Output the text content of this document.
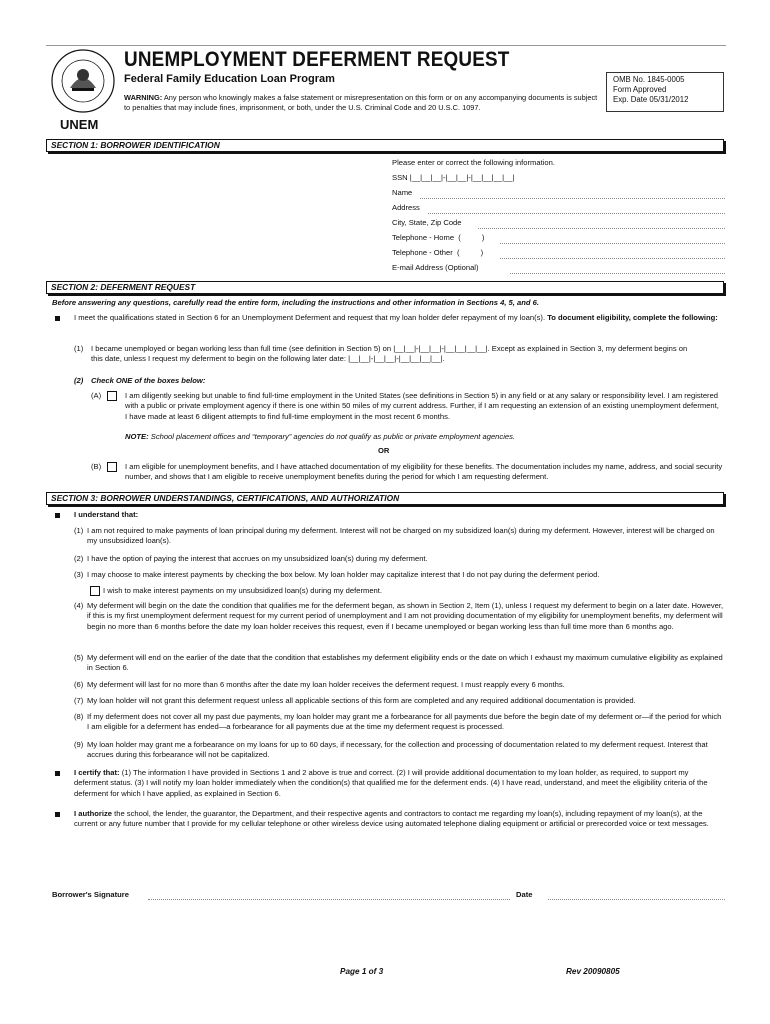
UNEMPLOYMENT DEFERMENT REQUEST
Federal Family Education Loan Program
WARNING: Any person who knowingly makes a false statement or misrepresentation on this form or on any accompanying documents is subject to penalties that may include fines, imprisonment, or both, under the U.S. Criminal Code and 20 U.S.C. 1097.
OMB No. 1845-0005
Form Approved
Exp. Date 05/31/2012
UNEM
SECTION 1: BORROWER IDENTIFICATION
Please enter or correct the following information.
SSN |__|__|__|-|__|__|-|__|__|__|__|
Name
Address
City, State, Zip Code
Telephone - Home  (          )
Telephone - Other  (          )
E-mail Address (Optional)
SECTION 2: DEFERMENT REQUEST
Before answering any questions, carefully read the entire form, including the instructions and other information in Sections 4, 5, and 6.
I meet the qualifications stated in Section 6 for an Unemployment Deferment and request that my loan holder defer repayment of my loan(s). To document eligibility, complete the following:
(1) I became unemployed or began working less than full time (see definition in Section 5) on |__|__|-|__|__|-|__|__|__|__|. Except as explained in Section 3, my deferment begins on this date, unless I request my deferment to begin on the following later date: |__|__|-|__|__|-|__|__|__|__|.
(2) Check ONE of the boxes below:
(A)	I am diligently seeking but unable to find full-time employment in the United States (see definitions in Section 5) in any field or at any salary or responsibility level. I am registered with a public or private employment agency if there is one within 50 miles of my current address. Further, if I am requesting an extension of an existing unemployment deferment, I have made at least 6 diligent attempts to find full-time employment in the most recent 6 months.
NOTE: School placement offices and “temporary” agencies do not qualify as public or private employment agencies.
OR
(B)	I am eligible for unemployment benefits, and I have attached documentation of my eligibility for these benefits. The documentation includes my name, address, and social security number, and shows that I am eligible to receive unemployment benefits during the period for which I am requesting deferment.
SECTION 3: BORROWER UNDERSTANDINGS, CERTIFICATIONS, AND AUTHORIZATION
I understand that:
(1) I am not required to make payments of loan principal during my deferment. Interest will not be charged on my subsidized loan(s) during my deferment. However, interest will be charged on my unsubsidized loan(s).
(2) I have the option of paying the interest that accrues on my unsubsidized loan(s) during my deferment.
(3) I may choose to make interest payments by checking the box below. My loan holder may capitalize interest that I do not pay during the deferment period.
I wish to make interest payments on my unsubsidized loan(s) during my deferment.
(4) My deferment will begin on the date the condition that qualifies me for the deferment began, as shown in Section 2, Item (1), unless I request my deferment to begin on a later date. However, if this is my first unemployment deferment request for my current period of unemployment and I am not providing documentation of my eligibility for unemployment benefits, my deferment will begin no more than 6 months before the date my loan holder receives this request, even if I became unemployed or began working less than full time more than 6 months ago.
(5) My deferment will end on the earlier of the date that the condition that establishes my deferment eligibility ends or the date on which I exhaust my maximum cumulative eligibility as explained in Section 6.
(6) My deferment will last for no more than 6 months after the date my loan holder receives the deferment request. I must reapply every 6 months.
(7) My loan holder will not grant this deferment request unless all applicable sections of this form are completed and any required additional documentation is provided.
(8) If my deferment does not cover all my past due payments, my loan holder may grant me a forbearance for all payments due before the begin date of my deferment or—if the period for which I am eligible for a deferment has ended—a forbearance for all payments due at the time my deferment request is processed.
(9) My loan holder may grant me a forbearance on my loans for up to 60 days, if necessary, for the collection and processing of documentation related to my deferment request. Interest that accrues during this forbearance will not be capitalized.
I certify that: (1) The information I have provided in Sections 1 and 2 above is true and correct. (2) I will provide additional documentation to my loan holder, as required, to support my deferment status. (3) I will notify my loan holder immediately when the condition(s) that qualified me for the deferment ends. (4) I have read, understand, and meet the eligibility criteria of the deferment for which I have applied, as explained in Section 6.
I authorize the school, the lender, the guarantor, the Department, and their respective agents and contractors to contact me regarding my loan(s), including repayment of my loan(s), at the current or any future number that I provide for my cellular telephone or other wireless device using automated telephone dialing equipment or artificial or prerecorded voice or text messages.
Borrower's Signature	Date
Page 1 of 3	Rev 20090805
